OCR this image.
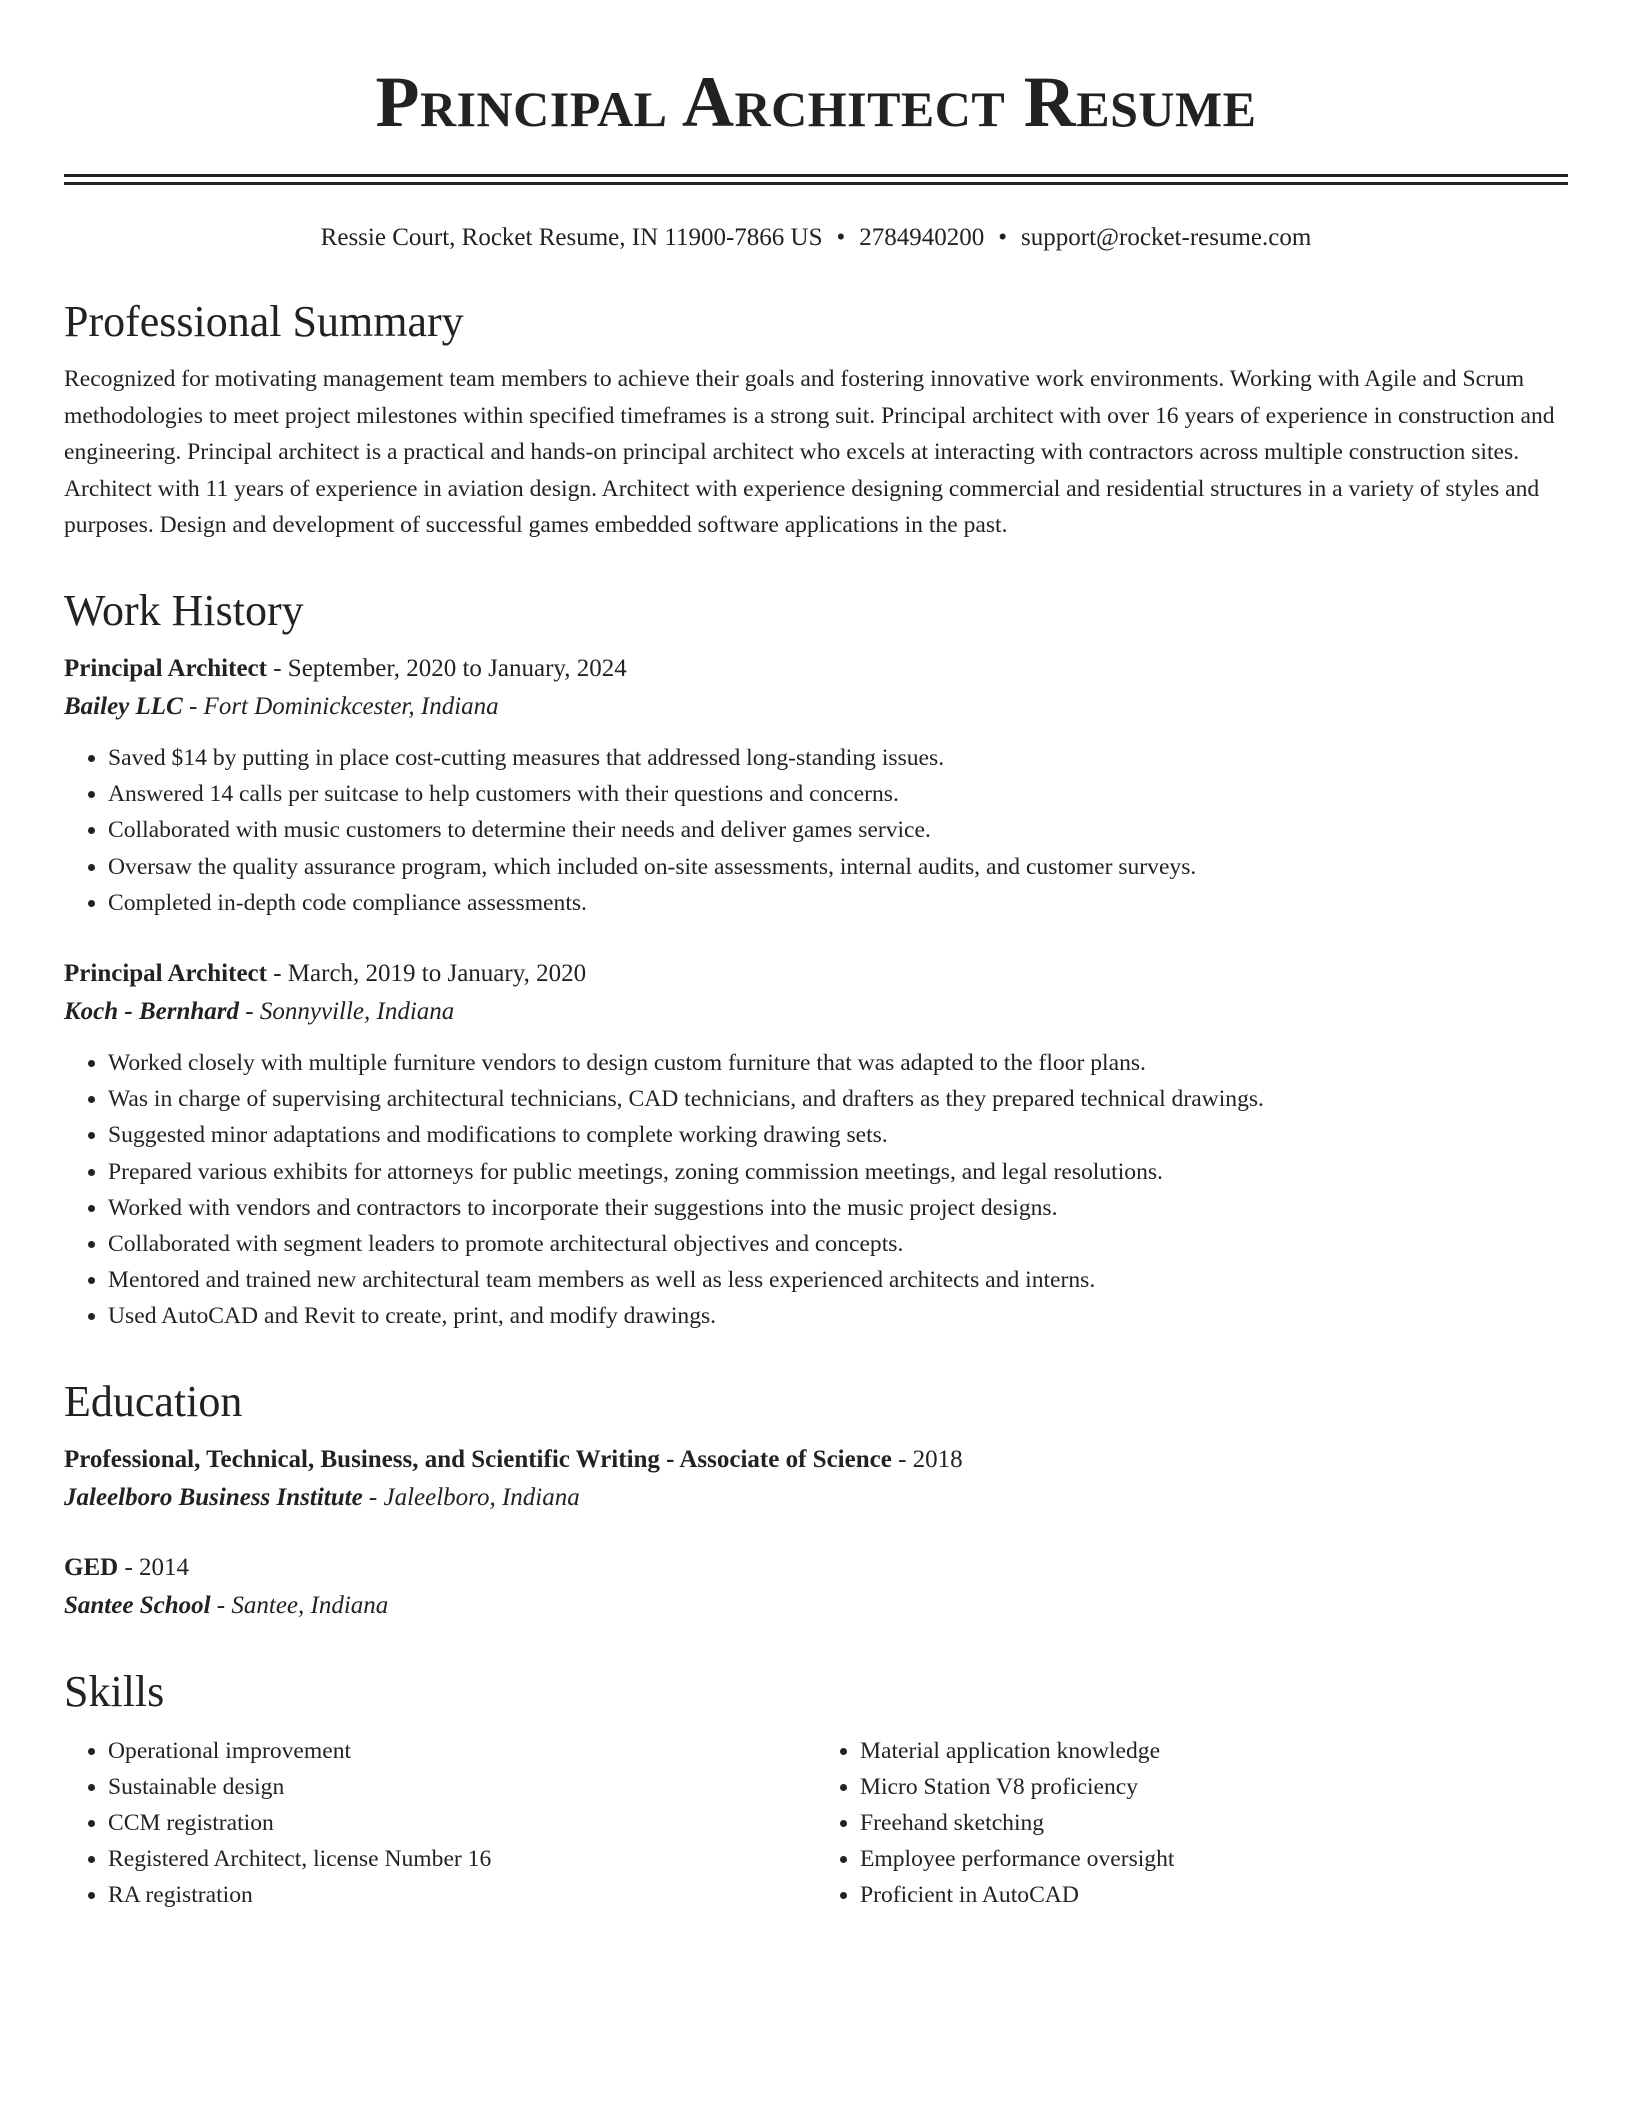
Principal Architect Resume
Ressie Court, Rocket Resume, IN 11900-7866 US • 2784940200 • support@rocket-resume.com
Professional Summary

Recognized for motivating management team members to achieve their goals and fostering innovative work environments. Working with Agile and Scrum methodologies to meet project milestones within specified timeframes is a strong suit. Principal architect with over 16 years of experience in construction and engineering. Principal architect is a practical and hands-on principal architect who excels at interacting with contractors across multiple construction sites. Architect with 11 years of experience in aviation design. Architect with experience designing commercial and residential structures in a variety of styles and purposes. Design and development of successful games embedded software applications in the past.

Work History
Principal Architect - September, 2020 to January, 2024
Bailey LLC - Fort Dominickcester, Indiana
• Saved $14 by putting in place cost-cutting measures that addressed long-standing issues.
• Answered 14 calls per suitcase to help customers with their questions and concerns.
• Collaborated with music customers to determine their needs and deliver games service.
• Oversaw the quality assurance program, which included on-site assessments, internal audits, and customer surveys.
• Completed in-depth code compliance assessments.
Principal Architect - March, 2019 to January, 2020
Koch - Bernhard - Sonnyville, Indiana
• Worked closely with multiple furniture vendors to design custom furniture that was adapted to the floor plans.
• Was in charge of supervising architectural technicians, CAD technicians, and drafters as they prepared technical drawings.
• Suggested minor adaptations and modifications to complete working drawing sets.
• Prepared various exhibits for attorneys for public meetings, zoning commission meetings, and legal resolutions.
• Worked with vendors and contractors to incorporate their suggestions into the music project designs.
• Collaborated with segment leaders to promote architectural objectives and concepts.
• Mentored and trained new architectural team members as well as less experienced architects and interns.
• Used AutoCAD and Revit to create, print, and modify drawings.
Education
Professional, Technical, Business, and Scientific Writing - Associate of Science - 2018
Jaleelboro Business Institute - Jaleelboro, Indiana
GED - 2014
Santee School - Santee, Indiana
Skills
• Operational improvement
• Sustainable design
• CCM registration
• Registered Architect, license Number 16
• RA registration
• Material application knowledge
• Micro Station V8 proficiency
• Freehand sketching
• Employee performance oversight
• Proficient in AutoCAD
